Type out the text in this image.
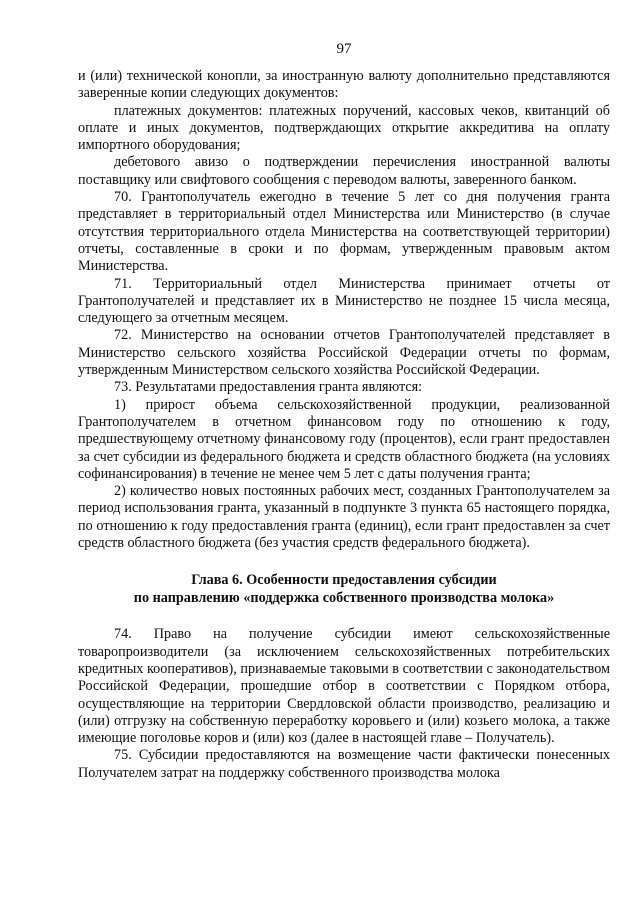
97

и (или) технической конопли, за иностранную валюту дополнительно представляются заверенные копии следующих документов:

платежных документов: платежных поручений, кассовых чеков, квитанций об оплате и иных документов, подтверждающих открытие аккредитива на оплату импортного оборудования;

дебетового авизо о подтверждении перечисления иностранной валюты поставщику или свифтового сообщения с переводом валюты, заверенного банком.

70. Грантополучатель ежегодно в течение 5 лет со дня получения гранта представляет в территориальный отдел Министерства или Министерство (в случае отсутствия территориального отдела Министерства на соответствующей территории) отчеты, составленные в сроки и по формам, утвержденным правовым актом Министерства.

71. Территориальный отдел Министерства принимает отчеты от Грантополучателей и представляет их в Министерство не позднее 15 числа месяца, следующего за отчетным месяцем.

72. Министерство на основании отчетов Грантополучателей представляет в Министерство сельского хозяйства Российской Федерации отчеты по формам, утвержденным Министерством сельского хозяйства Российской Федерации.

73. Результатами предоставления гранта являются:

1) прирост объема сельскохозяйственной продукции, реализованной Грантополучателем в отчетном финансовом году по отношению к году, предшествующему отчетному финансовому году (процентов), если грант предоставлен за счет субсидии из федерального бюджета и средств областного бюджета (на условиях софинансирования) в течение не менее чем 5 лет с даты получения гранта;

2) количество новых постоянных рабочих мест, созданных Грантополучателем за период использования гранта, указанный в подпункте 3 пункта 65 настоящего порядка, по отношению к году предоставления гранта (единиц), если грант предоставлен за счет средств областного бюджета (без участия средств федерального бюджета).

Глава 6. Особенности предоставления субсидии
по направлению «поддержка собственного производства молока»

74. Право на получение субсидии имеют сельскохозяйственные товаропроизводители (за исключением сельскохозяйственных потребительских кредитных кооперативов), признаваемые таковыми в соответствии с законодательством Российской Федерации, прошедшие отбор в соответствии с Порядком отбора, осуществляющие на территории Свердловской области производство, реализацию и (или) отгрузку на собственную переработку коровьего и (или) козьего молока, а также имеющие поголовье коров и (или) коз (далее в настоящей главе – Получатель).

75. Субсидии предоставляются на возмещение части фактически понесенных Получателем затрат на поддержку собственного производства молока
